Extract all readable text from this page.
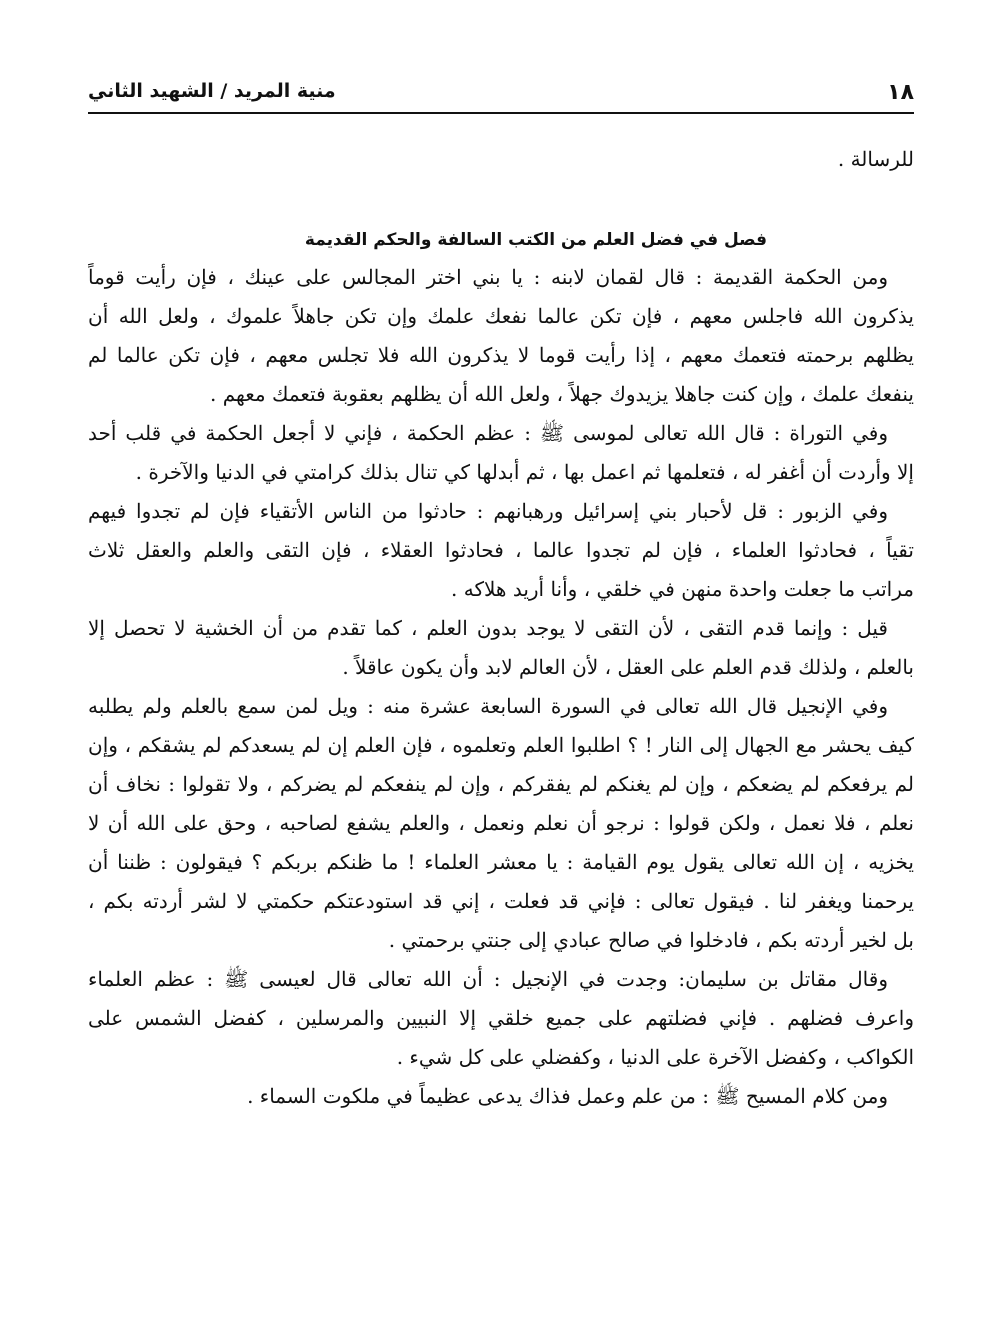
١٨
منية المريد / الشهيد الثاني
للرسالة .
فصل في فضل العلم من الكتب السالفة والحكم القديمة
ومن الحكمة القديمة : قال لقمان لابنه : يا بني اختر المجالس على عينك ، فإن رأيت قوماً
يذكرون الله فاجلس معهم ، فإن تكن عالما نفعك علمك وإن تكن جاهلاً علموك ، ولعل الله أن
يظلهم برحمته فتعمك معهم ، إذا رأيت قوما لا يذكرون الله فلا تجلس معهم ، فإن تكن عالما لم
ينفعك علمك ، وإن كنت جاهلا يزيدوك جهلاً ، ولعل الله أن يظلهم بعقوبة فتعمك معهم .
وفي التوراة : قال الله تعالى لموسى ﷺ : عظم الحكمة ، فإني لا أجعل الحكمة في قلب أحد
إلا وأردت أن أغفر له ، فتعلمها ثم اعمل بها ، ثم أبدلها كي تنال بذلك كرامتي في الدنيا والآخرة .
وفي الزبور : قل لأحبار بني إسرائيل ورهبانهم : حادثوا من الناس الأتقياء فإن لم تجدوا فيهم
تقياً ، فحادثوا العلماء ، فإن لم تجدوا عالما ، فحادثوا العقلاء ، فإن التقى والعلم والعقل ثلاث
مراتب ما جعلت واحدة منهن في خلقي ، وأنا أريد هلاكه .
قيل : وإنما قدم التقى ، لأن التقى لا يوجد بدون العلم ، كما تقدم من أن الخشية لا تحصل إلا
بالعلم ، ولذلك قدم العلم على العقل ، لأن العالم لابد وأن يكون عاقلاً .
وفي الإنجيل قال الله تعالى في السورة السابعة عشرة منه : ويل لمن سمع بالعلم ولم يطلبه
كيف يحشر مع الجهال إلى النار ! ؟ اطلبوا العلم وتعلموه ، فإن العلم إن لم يسعدكم لم يشقكم ، وإن
لم يرفعكم لم يضعكم ، وإن لم يغنكم لم يفقركم ، وإن لم ينفعكم لم يضركم ، ولا تقولوا : نخاف أن
نعلم ، فلا نعمل ، ولكن قولوا : نرجو أن نعلم ونعمل ، والعلم يشفع لصاحبه ، وحق على الله أن لا
يخزيه ، إن الله تعالى يقول يوم القيامة : يا معشر العلماء ! ما ظنكم بربكم ؟ فيقولون : ظننا أن
يرحمنا ويغفر لنا . فيقول تعالى : فإني قد فعلت ، إني قد استودعتكم حكمتي لا لشر أردته بكم ،
بل لخير أردته بكم ، فادخلوا في صالح عبادي إلى جنتي برحمتي .
وقال مقاتل بن سليمان: وجدت في الإنجيل : أن الله تعالى قال لعيسى ﷺ : عظم العلماء
واعرف فضلهم . فإني فضلتهم على جميع خلقي إلا النبيين والمرسلين ، كفضل الشمس على
الكواكب ، وكفضل الآخرة على الدنيا ، وكفضلي على كل شيء .
ومن كلام المسيح ﷺ : من علم وعمل فذاك يدعى عظيماً في ملكوت السماء .
